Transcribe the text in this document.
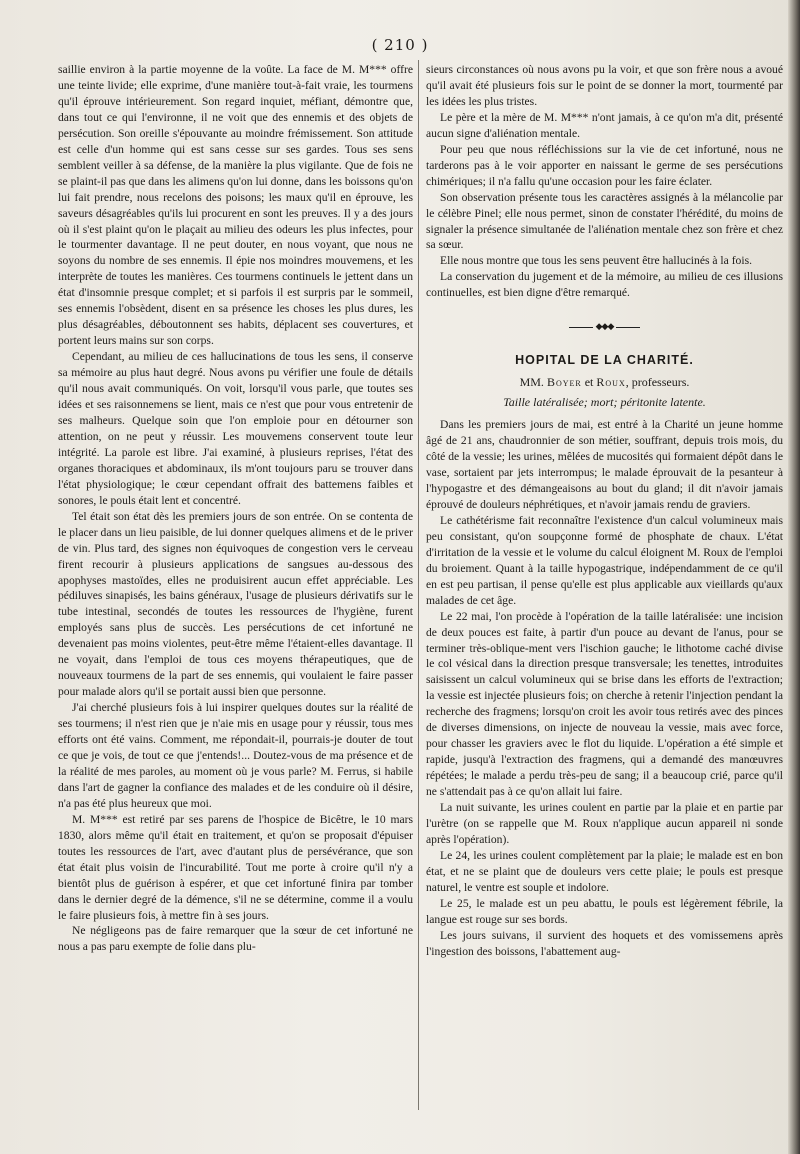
( 210 )

saillie environ à la partie moyenne de la voûte. La face de M. M*** offre une teinte livide; elle exprime, d'une manière tout-à-fait vraie, les tourmens qu'il éprouve intérieurement. Son regard inquiet, méfiant, démontre que, dans tout ce qui l'environne, il ne voit que des ennemis et des objets de persécution. Son oreille s'épouvante au moindre frémissement. Son attitude est celle d'un homme qui est sans cesse sur ses gardes. Tous ses sens semblent veiller à sa défense, de la manière la plus vigilante. Que de fois ne se plaint-il pas que dans les alimens qu'on lui donne, dans les boissons qu'on lui fait prendre, nous recelons des poisons; les maux qu'il en éprouve, les saveurs désagréables qu'ils lui procurent en sont les preuves. Il y a des jours où il s'est plaint qu'on le plaçait au milieu des odeurs les plus infectes, pour le tourmenter davantage. Il ne peut douter, en nous voyant, que nous ne soyons du nombre de ses ennemis. Il épie nos moindres mouvemens, et les interprète de toutes les manières. Ces tourmens continuels le jettent dans un état d'insomnie presque complet; et si parfois il est surpris par le sommeil, ses ennemis l'obsèdent, disent en sa présence les choses les plus dures, les plus désagréables, déboutonnent ses habits, déplacent ses couvertures, et portent leurs mains sur son corps.

Cependant, au milieu de ces hallucinations de tous les sens, il conserve sa mémoire au plus haut degré. Nous avons pu vérifier une foule de détails qu'il nous avait communiqués. On voit, lorsqu'il vous parle, que toutes ses idées et ses raisonnemens se lient, mais ce n'est que pour vous entretenir de ses malheurs. Quelque soin que l'on emploie pour en détourner son attention, on ne peut y réussir. Les mouvemens conservent toute leur intégrité. La parole est libre. J'ai examiné, à plusieurs reprises, l'état des organes thoraciques et abdominaux, ils m'ont toujours paru se trouver dans l'état physiologique; le cœur cependant offrait des battemens faibles et sonores, le pouls était lent et concentré.

Tel était son état dès les premiers jours de son entrée. On se contenta de le placer dans un lieu paisible, de lui donner quelques alimens et de le priver de vin. Plus tard, des signes non équivoques de congestion vers le cerveau firent recourir à plusieurs applications de sangsues au-dessous des apophyses mastoïdes, elles ne produisirent aucun effet appréciable. Les pédiluves sinapisés, les bains généraux, l'usage de plusieurs dérivatifs sur le tube intestinal, secondés de toutes les ressources de l'hygiène, furent employés sans plus de succès. Les persécutions de cet infortuné ne devenaient pas moins violentes, peut-être même l'étaient-elles davantage. Il ne voyait, dans l'emploi de tous ces moyens thérapeutiques, que de nouveaux tourmens de la part de ses ennemis, qui voulaient le faire passer pour malade alors qu'il se portait aussi bien que personne.

J'ai cherché plusieurs fois à lui inspirer quelques doutes sur la réalité de ses tourmens; il n'est rien que je n'aie mis en usage pour y réussir, tous mes efforts ont été vains. Comment, me répondait-il, pourrais-je douter de tout ce que je vois, de tout ce que j'entends!... Doutez-vous de ma présence et de la réalité de mes paroles, au moment où je vous parle? M. Ferrus, si habile dans l'art de gagner la confiance des malades et de les conduire où il désire, n'a pas été plus heureux que moi.

M. M*** est retiré par ses parens de l'hospice de Bicêtre, le 10 mars 1830, alors même qu'il était en traitement, et qu'on se proposait d'épuiser toutes les ressources de l'art, avec d'autant plus de persévérance, que son état était plus voisin de l'incurabilité. Tout me porte à croire qu'il n'y a bientôt plus de guérison à espérer, et que cet infortuné finira par tomber dans le dernier degré de la démence, s'il ne se détermine, comme il a voulu le faire plusieurs fois, à mettre fin à ses jours.

Ne négligeons pas de faire remarquer que la sœur de cet infortuné ne nous a pas paru exempte de folie dans plu-

sieurs circonstances où nous avons pu la voir, et que son frère nous a avoué qu'il avait été plusieurs fois sur le point de se donner la mort, tourmenté par les idées les plus tristes.

Le père et la mère de M. M*** n'ont jamais, à ce qu'on m'a dit, présenté aucun signe d'aliénation mentale.

Pour peu que nous réfléchissions sur la vie de cet infortuné, nous ne tarderons pas à le voir apporter en naissant le germe de ses persécutions chimériques; il n'a fallu qu'une occasion pour les faire éclater.

Son observation présente tous les caractères assignés à la mélancolie par le célèbre Pinel; elle nous permet, sinon de constater l'hérédité, du moins de signaler la présence simultanée de l'aliénation mentale chez son frère et chez sa sœur.

Elle nous montre que tous les sens peuvent être hallucinés à la fois.

La conservation du jugement et de la mémoire, au milieu de ces illusions continuelles, est bien digne d'être remarqué.

◆◆◆
HOPITAL DE LA CHARITÉ.
MM. Boyer et Roux, professeurs.
Taille latéralisée; mort; péritonite latente.

Dans les premiers jours de mai, est entré à la Charité un jeune homme âgé de 21 ans, chaudronnier de son métier, souffrant, depuis trois mois, du côté de la vessie; les urines, mêlées de mucosités qui formaient dépôt dans le vase, sortaient par jets interrompus; le malade éprouvait de la pesanteur à l'hypogastre et des démangeaisons au bout du gland; il dit n'avoir jamais éprouvé de douleurs néphrétiques, et n'avoir jamais rendu de graviers.

Le cathétérisme fait reconnaître l'existence d'un calcul volumineux mais peu consistant, qu'on soupçonne formé de phosphate de chaux. L'état d'irritation de la vessie et le volume du calcul éloignent M. Roux de l'emploi du broiement. Quant à la taille hypogastrique, indépendamment de ce qu'il en est peu partisan, il pense qu'elle est plus applicable aux vieillards qu'aux malades de cet âge.

Le 22 mai, l'on procède à l'opération de la taille latéralisée: une incision de deux pouces est faite, à partir d'un pouce au devant de l'anus, pour se terminer très-oblique-ment vers l'ischion gauche; le lithotome caché divise le col vésical dans la direction presque transversale; les tenettes, introduites saisissent un calcul volumineux qui se brise dans les efforts de l'extraction; la vessie est injectée plusieurs fois; on cherche à retenir l'injection pendant la recherche des fragmens; lorsqu'on croit les avoir tous retirés avec des pinces de diverses dimensions, on injecte de nouveau la vessie, mais avec force, pour chasser les graviers avec le flot du liquide. L'opération a été simple et rapide, jusqu'à l'extraction des fragmens, qui a demandé des manœuvres répétées; le malade a perdu très-peu de sang; il a beaucoup crié, parce qu'il ne s'attendait pas à ce qu'on allait lui faire.

La nuit suivante, les urines coulent en partie par la plaie et en partie par l'urètre (on se rappelle que M. Roux n'applique aucun appareil ni sonde après l'opération).

Le 24, les urines coulent complètement par la plaie; le malade est en bon état, et ne se plaint que de douleurs vers cette plaie; le pouls est presque naturel, le ventre est souple et indolore.

Le 25, le malade est un peu abattu, le pouls est légèrement fébrile, la langue est rouge sur ses bords.

Les jours suivans, il survient des hoquets et des vomissemens après l'ingestion des boissons, l'abattement aug-
